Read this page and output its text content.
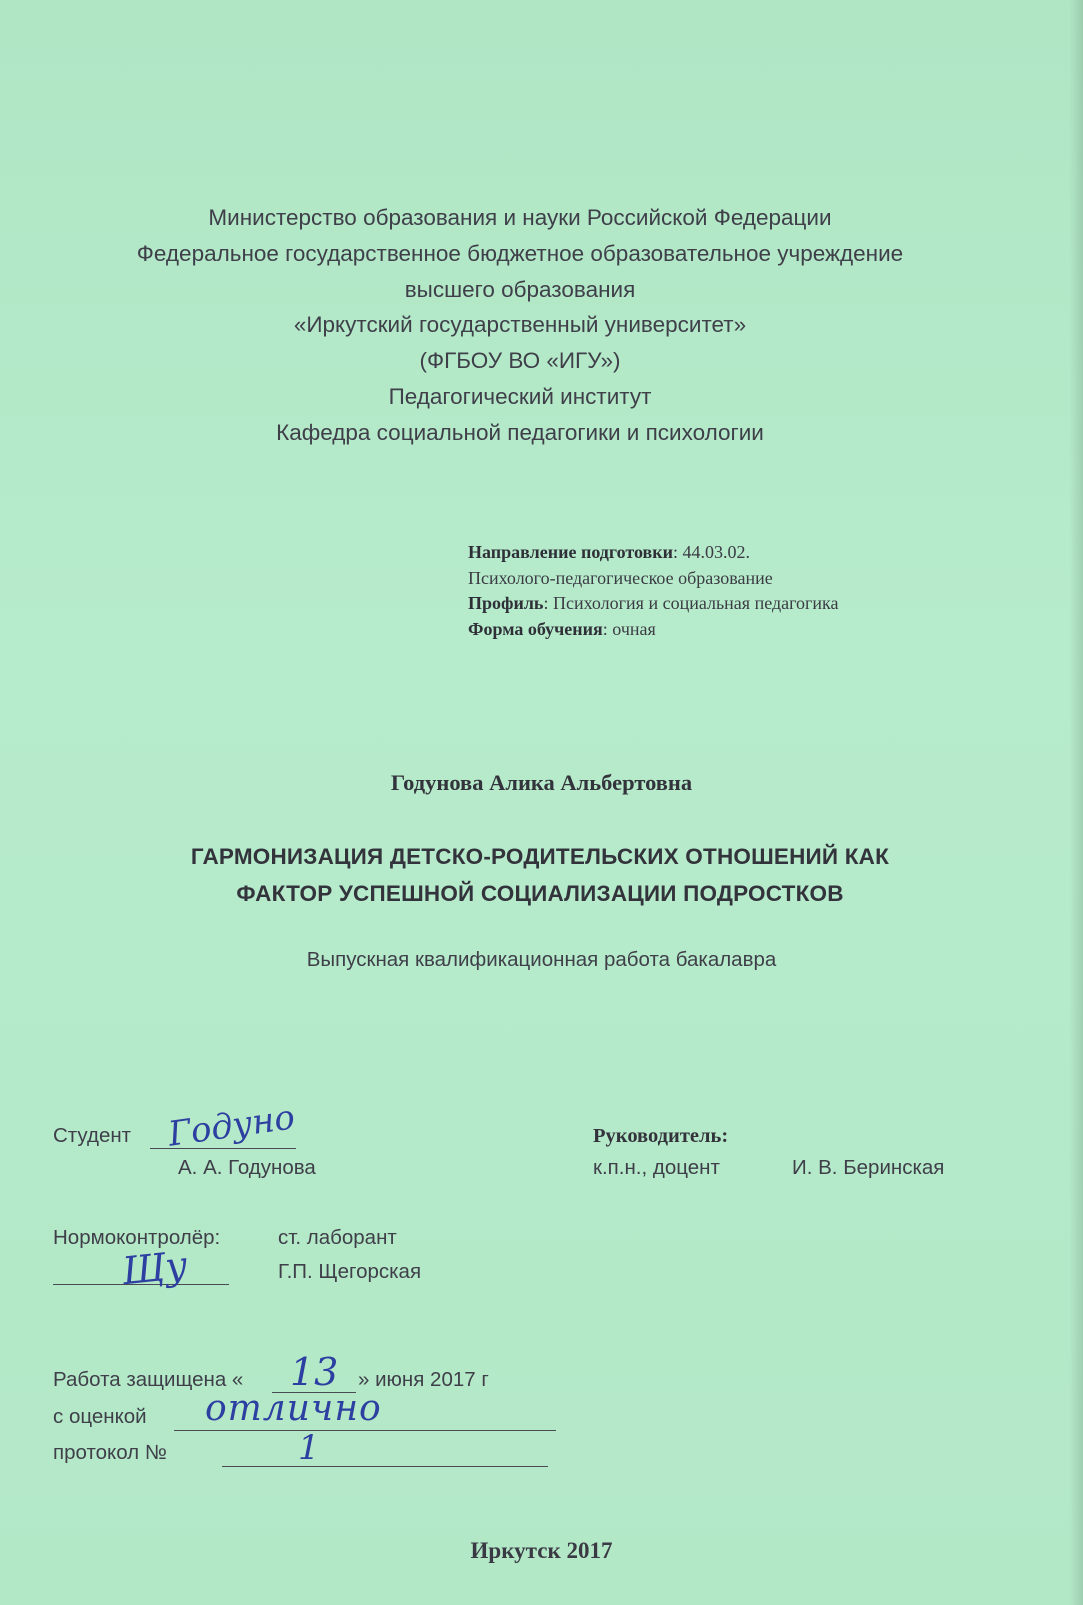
Министерство образования и науки Российской Федерации
Федеральное государственное бюджетное образовательное учреждение
высшего образования
«Иркутский государственный университет»
(ФГБОУ ВО «ИГУ»)
Педагогический институт
Кафедра социальной педагогики и психологии
Направление подготовки: 44.03.02.
Психолого-педагогическое образование
Профиль: Психология и социальная педагогика
Форма обучения: очная
Годунова Алика Альбертовна
ГАРМОНИЗАЦИЯ ДЕТСКО-РОДИТЕЛЬСКИХ ОТНОШЕНИЙ КАК
ФАКТОР УСПЕШНОЙ СОЦИАЛИЗАЦИИ ПОДРОСТКОВ
Выпускная квалификационная работа бакалавра
Студент Годуно
А. А. Годунова
Руководитель:
к.п.н., доцент	И. В. Беринская
Нормоконтролёр:	ст. лаборант
Щу	Г.П. Щегорская
Работа защищена « 13 » июня 2017 г
с оценкой отлично
протокол №	1
Иркутск 2017
